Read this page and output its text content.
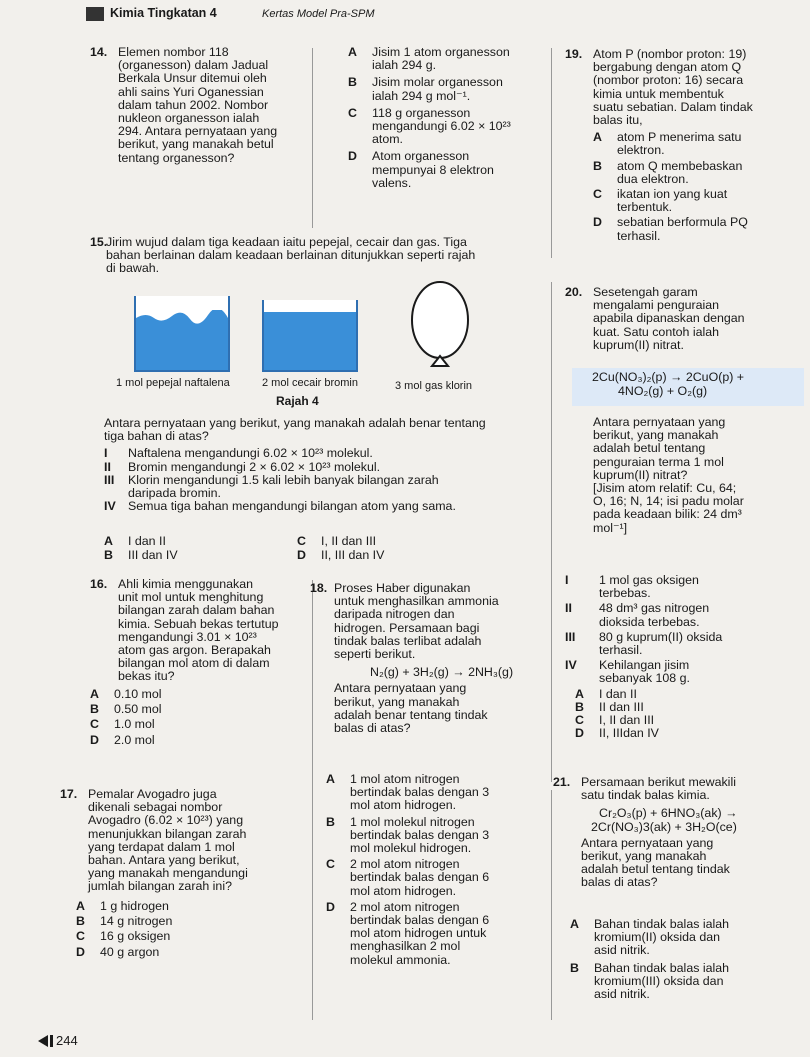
Kimia Tingkatan 4	Kertas Model Pra-SPM
14. Elemen nombor 118

(organesson) dalam Jadual

Berkala Unsur ditemui oleh

ahli sains Yuri Oganessian

dalam tahun 2002. Nombor

nukleon organesson ialah

294. Antara pernyataan yang

berikut, yang manakah betul

tentang organesson?

A	Jisim 1 atom organesson

ialah 294 g.

B	Jisim molar organesson

ialah 294 g mol⁻¹.

C	118 g organesson

mengandungi 6.02 × 10²³

atom.

D	Atom organesson

mempunyai 8 elektron

valens.

19. Atom P (nombor proton: 19)

bergabung dengan atom Q

(nombor proton: 16) secara

kimia untuk membentuk

suatu sebatian. Dalam tindak

balas itu,

A	atom P menerima satu

elektron.

B	atom Q membebaskan

dua elektron.

C	ikatan ion yang kuat

terbentuk.

D	sebatian berformula PQ

terhasil.

15.

Jirim wujud dalam tiga keadaan iaitu pepejal, cecair dan gas. Tiga

bahan berlainan dalam keadaan berlainan ditunjukkan seperti rajah

di bawah.

1 mol pepejal naftalena	2 mol cecair bromin	3 mol gas klorin
Rajah 4

Antara pernyataan yang berikut, yang manakah adalah benar tentang

tiga bahan di atas?

I	Naftalena mengandungi 6.02 × 10²³ molekul.

II	Bromin mengandungi 2 × 6.02 × 10²³ molekul.

III Klorin mengandungi 1.5 kali lebih banyak bilangan zarah

daripada bromin.

IV Semua tiga bahan mengandungi bilangan atom yang sama.

A	I dan II

B	III dan IV

C	I, II dan III

D	II, III dan IV

20. Sesetengah garam

mengalami penguraian

apabila dipanaskan dengan

kuat. Satu contoh ialah

kuprum(II) nitrat.

2Cu(NO₃)₂(p) → 2CuO(p) +

4NO₂(g) + O₂(g)

Antara pernyataan yang

berikut, yang manakah

adalah betul tentang

penguraian terma 1 mol

kuprum(II) nitrat?

[Jisim atom relatif: Cu, 64;

O, 16; N, 14; isi padu molar

pada keadaan bilik: 24 dm³

mol⁻¹]

I	1 mol gas oksigen

terbebas.

II	48 dm³ gas nitrogen

dioksida terbebas.

III 80 g kuprum(II) oksida

terhasil.

IV Kehilangan jisim

sebanyak 108 g.

A	I dan II

B	II dan III

C	I, II dan III

D	II, IIIdan IV

16. Ahli kimia menggunakan

unit mol untuk menghitung

bilangan zarah dalam bahan

kimia. Sebuah bekas tertutup

mengandungi 3.01 × 10²³

atom gas argon. Berapakah

bilangan mol atom di dalam

bekas itu?

A	0.10 mol

B	0.50 mol

C	1.0 mol

D	2.0 mol

18. Proses Haber digunakan

untuk menghasilkan ammonia

daripada nitrogen dan

hidrogen. Persamaan bagi

tindak balas terlibat adalah

seperti berikut.

N₂(g) + 3H₂(g) → 2NH₃(g)

Antara pernyataan yang

berikut, yang manakah

adalah benar tentang tindak

balas di atas?

A	1 mol atom nitrogen

bertindak balas dengan 3

mol atom hidrogen.

B	1 mol molekul nitrogen

bertindak balas dengan 3

mol molekul hidrogen.

C	2 mol atom nitrogen

bertindak balas dengan 6

mol atom hidrogen.

D	2 mol atom nitrogen

bertindak balas dengan 6

mol atom hidrogen untuk

menghasilkan 2 mol

molekul ammonia.

17. Pemalar Avogadro juga

dikenali sebagai nombor

Avogadro (6.02 × 10²³) yang

menunjukkan bilangan zarah

yang terdapat dalam 1 mol

bahan. Antara yang berikut,

yang manakah mengandungi

jumlah bilangan zarah ini?

A	1 g hidrogen

B	14 g nitrogen

C	16 g oksigen

D	40 g argon

21. Persamaan berikut mewakili

satu tindak balas kimia.

Cr₂O₃(p) + 6HNO₃(ak) →

2Cr(NO₃)3(ak) + 3H₂O(ce)

Antara pernyataan yang

berikut, yang manakah

adalah betul tentang tindak

balas di atas?

A	Bahan tindak balas ialah

kromium(II) oksida dan

asid nitrik.

B	Bahan tindak balas ialah

kromium(III) oksida dan

asid nitrik.

244
